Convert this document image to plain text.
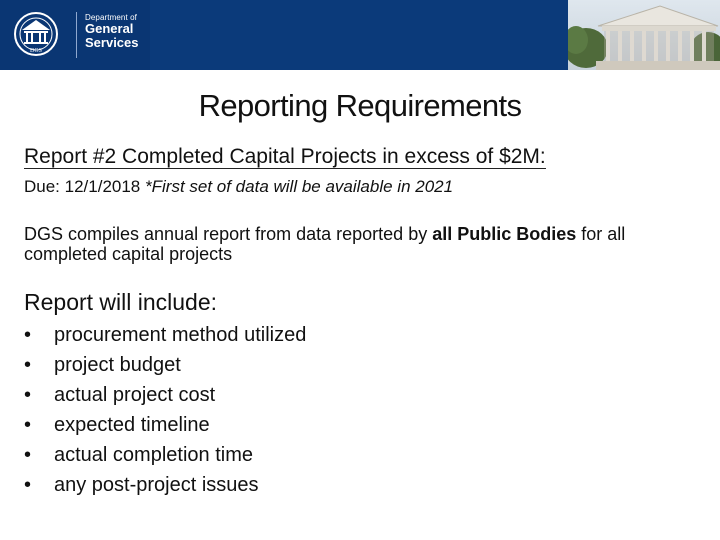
DGS
Department of
General
Services
Reporting Requirements
Report #2 Completed Capital Projects in excess of $2M:
Due: 12/1/2018 *First set of data will be available in 2021
DGS compiles annual report from data reported by all Public Bodies for all completed capital projects
Report will include:
• procurement method utilized
• project budget
• actual project cost
• expected timeline
• actual completion time
• any post-project issues
